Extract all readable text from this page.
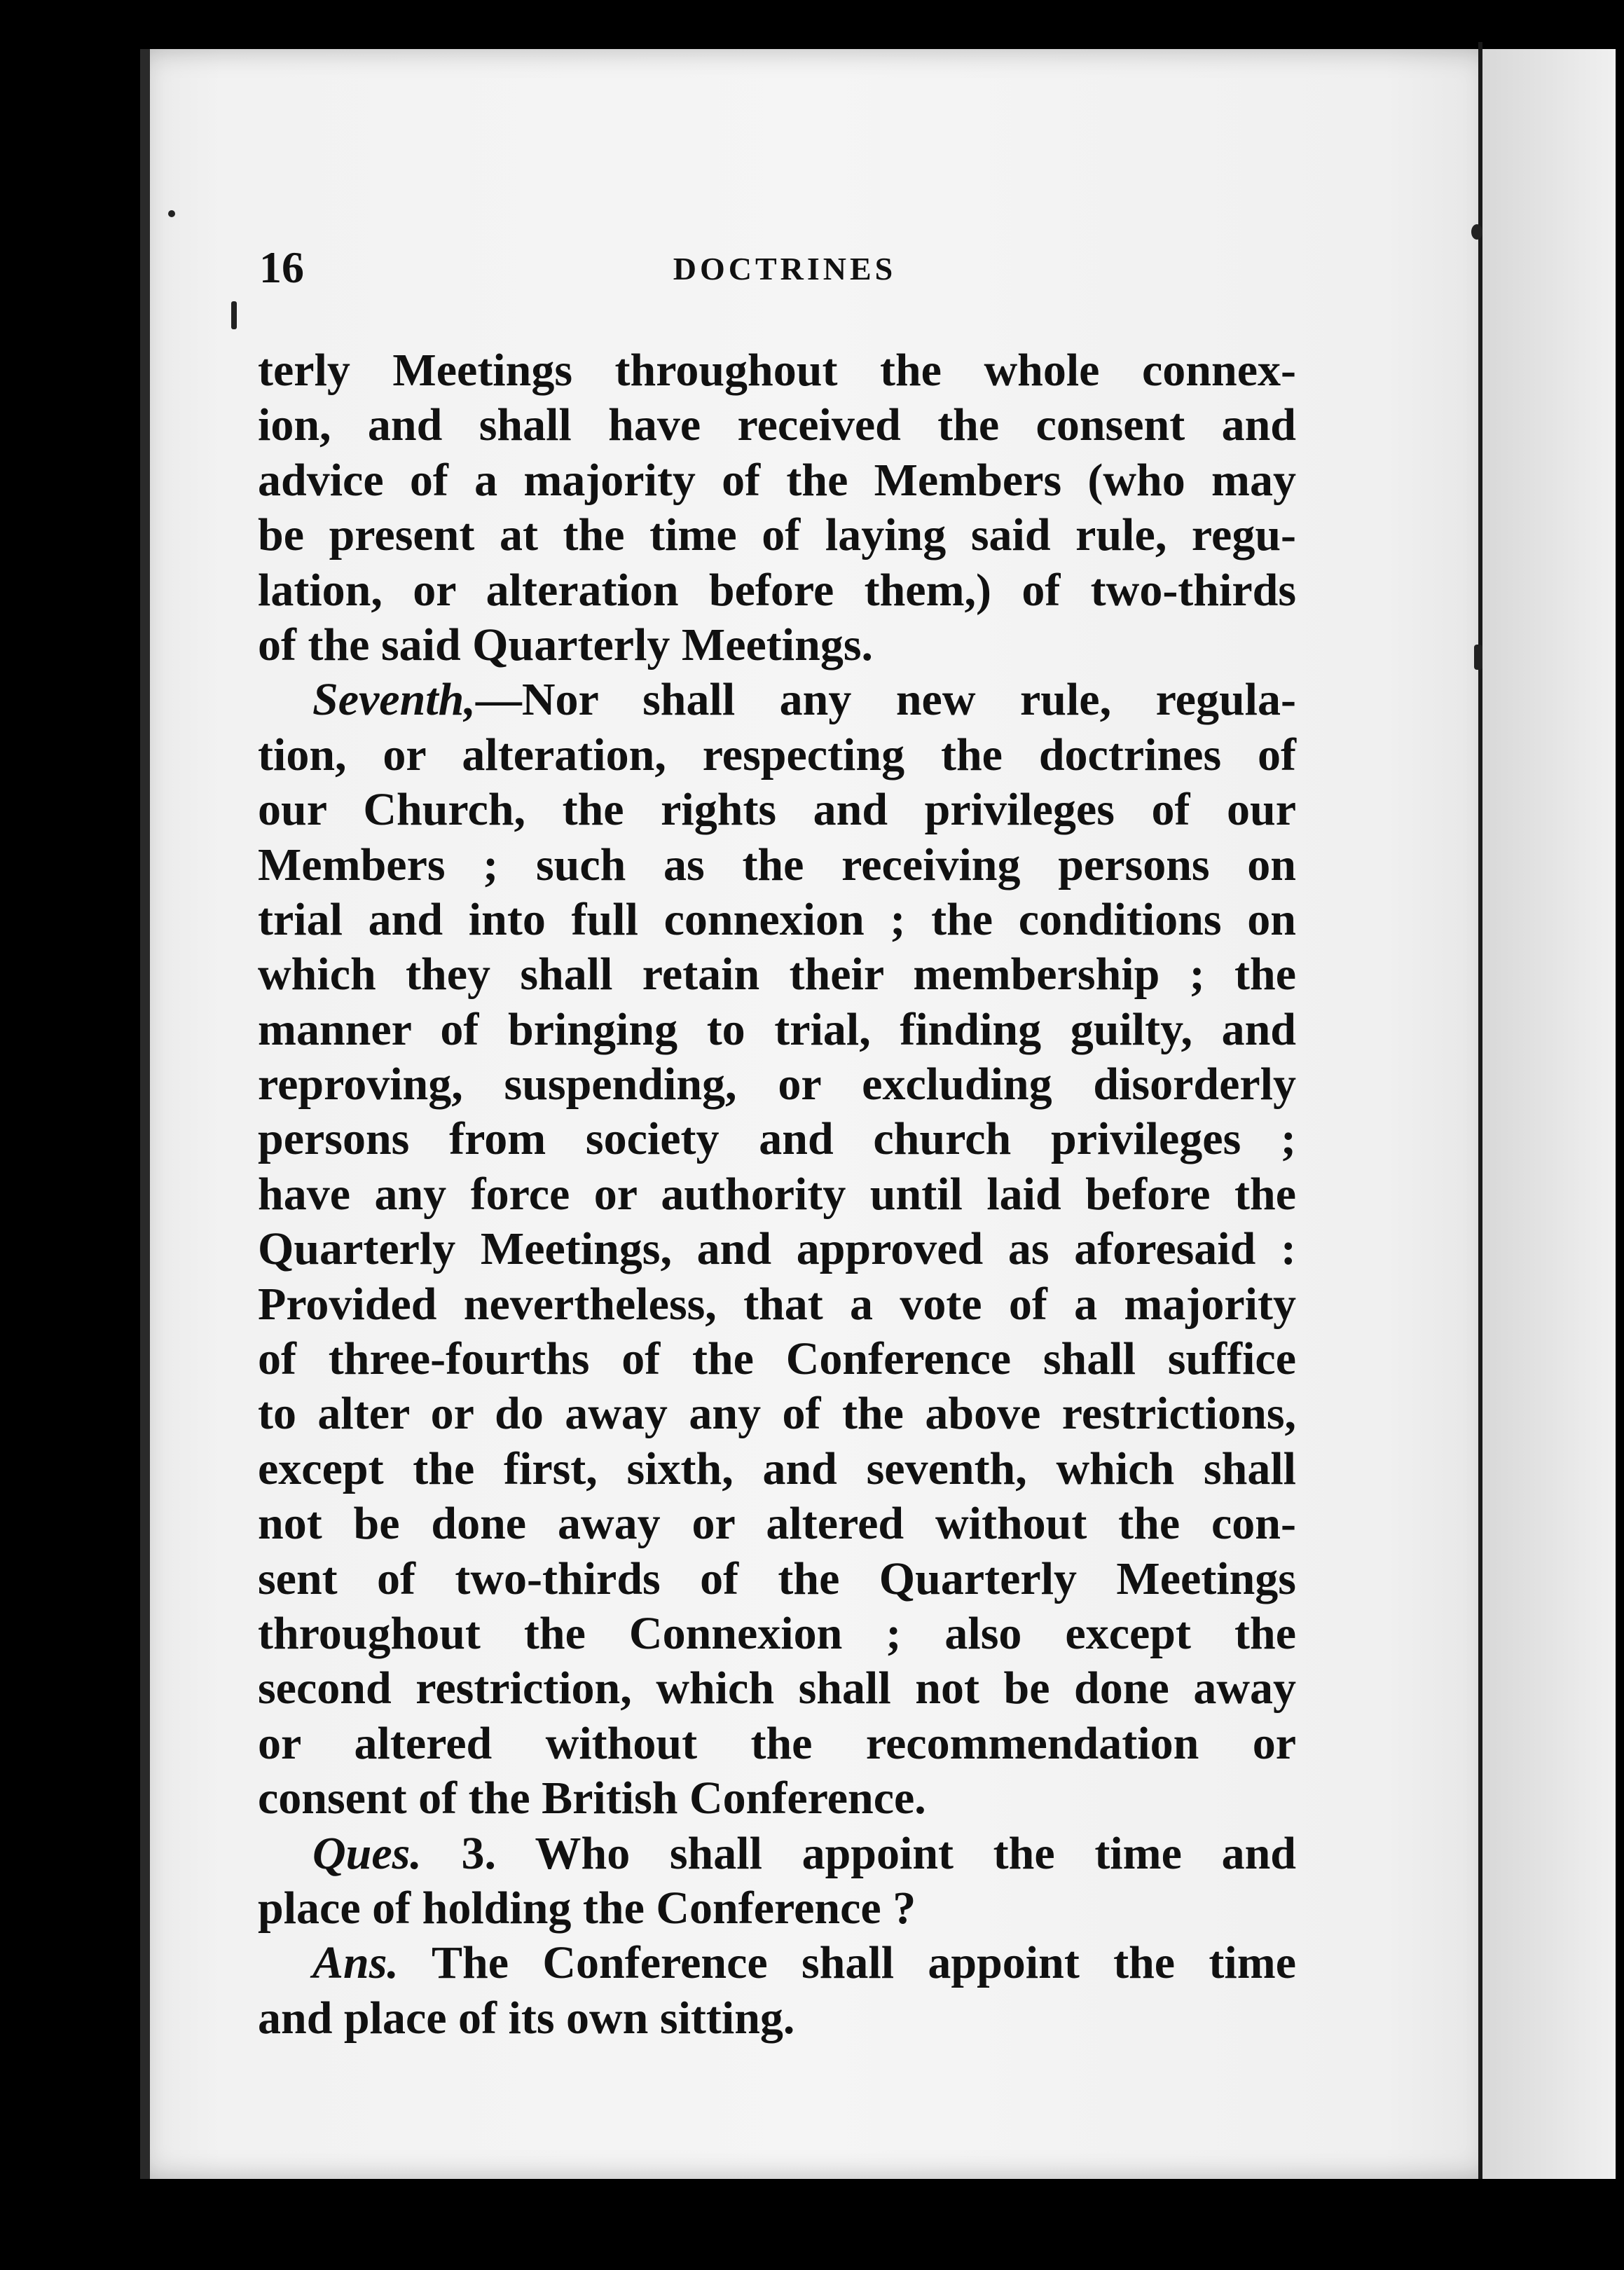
16	DOCTRINES
terly Meetings throughout the whole connex-
ion, and shall have received the consent and
advice of a majority of the Members (who may
be present at the time of laying said rule, regu-
lation, or alteration before them,) of two-thirds
of the said Quarterly Meetings.
Seventh,—Nor shall any new rule, regula-
tion, or alteration, respecting the doctrines of
our Church, the rights and privileges of our
Members ; such as the receiving persons on
trial and into full connexion ; the conditions on
which they shall retain their membership ; the
manner of bringing to trial, finding guilty, and
reproving, suspending, or excluding disorderly
persons from society and church privileges ;
have any force or authority until laid before the
Quarterly Meetings, and approved as aforesaid :
Provided nevertheless, that a vote of a majority
of three-fourths of the Conference shall suffice
to alter or do away any of the above restrictions,
except the first, sixth, and seventh, which shall
not be done away or altered without the con-
sent of two-thirds of the Quarterly Meetings
throughout the Connexion ; also except the
second restriction, which shall not be done away
or altered without the recommendation or
consent of the British Conference.
Ques. 3. Who shall appoint the time and
place of holding the Conference ?
Ans. The Conference shall appoint the time
and place of its own sitting.
